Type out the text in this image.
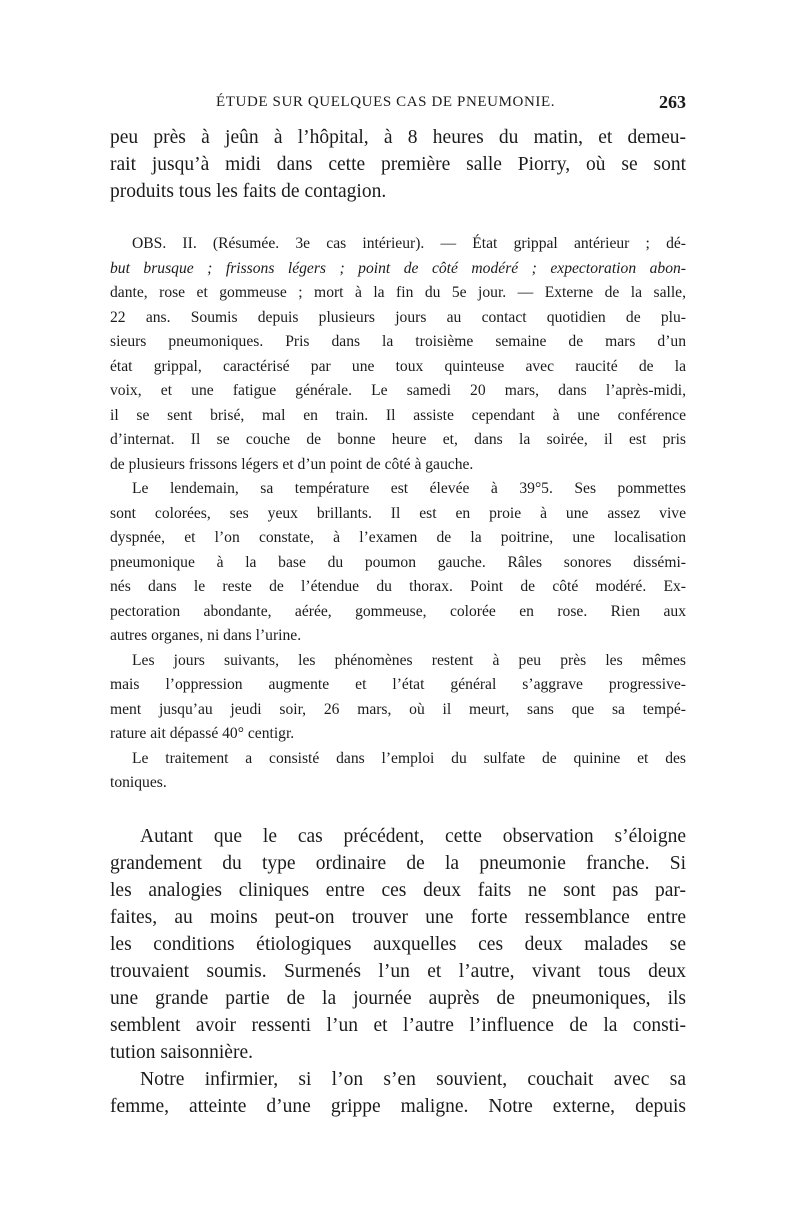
ÉTUDE SUR QUELQUES CAS DE PNEUMONIE.	263
peu près à jeûn à l’hôpital, à 8 heures du matin, et demeu-
rait jusqu’à midi dans cette première salle Piorry, où se sont
produits tous les faits de contagion.
OBS. II. (Résumée. 3e cas intérieur). — État grippal antérieur ; dé-
but brusque ; frissons légers ; point de côté modéré ; expectoration abon-
dante, rose et gommeuse ; mort à la fin du 5e jour. — Externe de la salle,
22 ans. Soumis depuis plusieurs jours au contact quotidien de plu-
sieurs pneumoniques. Pris dans la troisième semaine de mars d’un
état grippal, caractérisé par une toux quinteuse avec raucité de la
voix, et une fatigue générale. Le samedi 20 mars, dans l’après-midi,
il se sent brisé, mal en train. Il assiste cependant à une conférence
d’internat. Il se couche de bonne heure et, dans la soirée, il est pris
de plusieurs frissons légers et d’un point de côté à gauche.
Le lendemain, sa température est élevée à 39°5. Ses pommettes
sont colorées, ses yeux brillants. Il est en proie à une assez vive
dyspnée, et l’on constate, à l’examen de la poitrine, une localisation
pneumonique à la base du poumon gauche. Râles sonores dissémi-
nés dans le reste de l’étendue du thorax. Point de côté modéré. Ex-
pectoration abondante, aérée, gommeuse, colorée en rose. Rien aux
autres organes, ni dans l’urine.
Les jours suivants, les phénomènes restent à peu près les mêmes
mais l’oppression augmente et l’état général s’aggrave progressive-
ment jusqu’au jeudi soir, 26 mars, où il meurt, sans que sa tempé-
rature ait dépassé 40° centigr.
Le traitement a consisté dans l’emploi du sulfate de quinine et des
toniques.
Autant que le cas précédent, cette observation s’éloigne
grandement du type ordinaire de la pneumonie franche. Si
les analogies cliniques entre ces deux faits ne sont pas par-
faites, au moins peut-on trouver une forte ressemblance entre
les conditions étiologiques auxquelles ces deux malades se
trouvaient soumis. Surmenés l’un et l’autre, vivant tous deux
une grande partie de la journée auprès de pneumoniques, ils
semblent avoir ressenti l’un et l’autre l’influence de la consti-
tution saisonnière.
Notre infirmier, si l’on s’en souvient, couchait avec sa
femme, atteinte d’une grippe maligne. Notre externe, depuis
